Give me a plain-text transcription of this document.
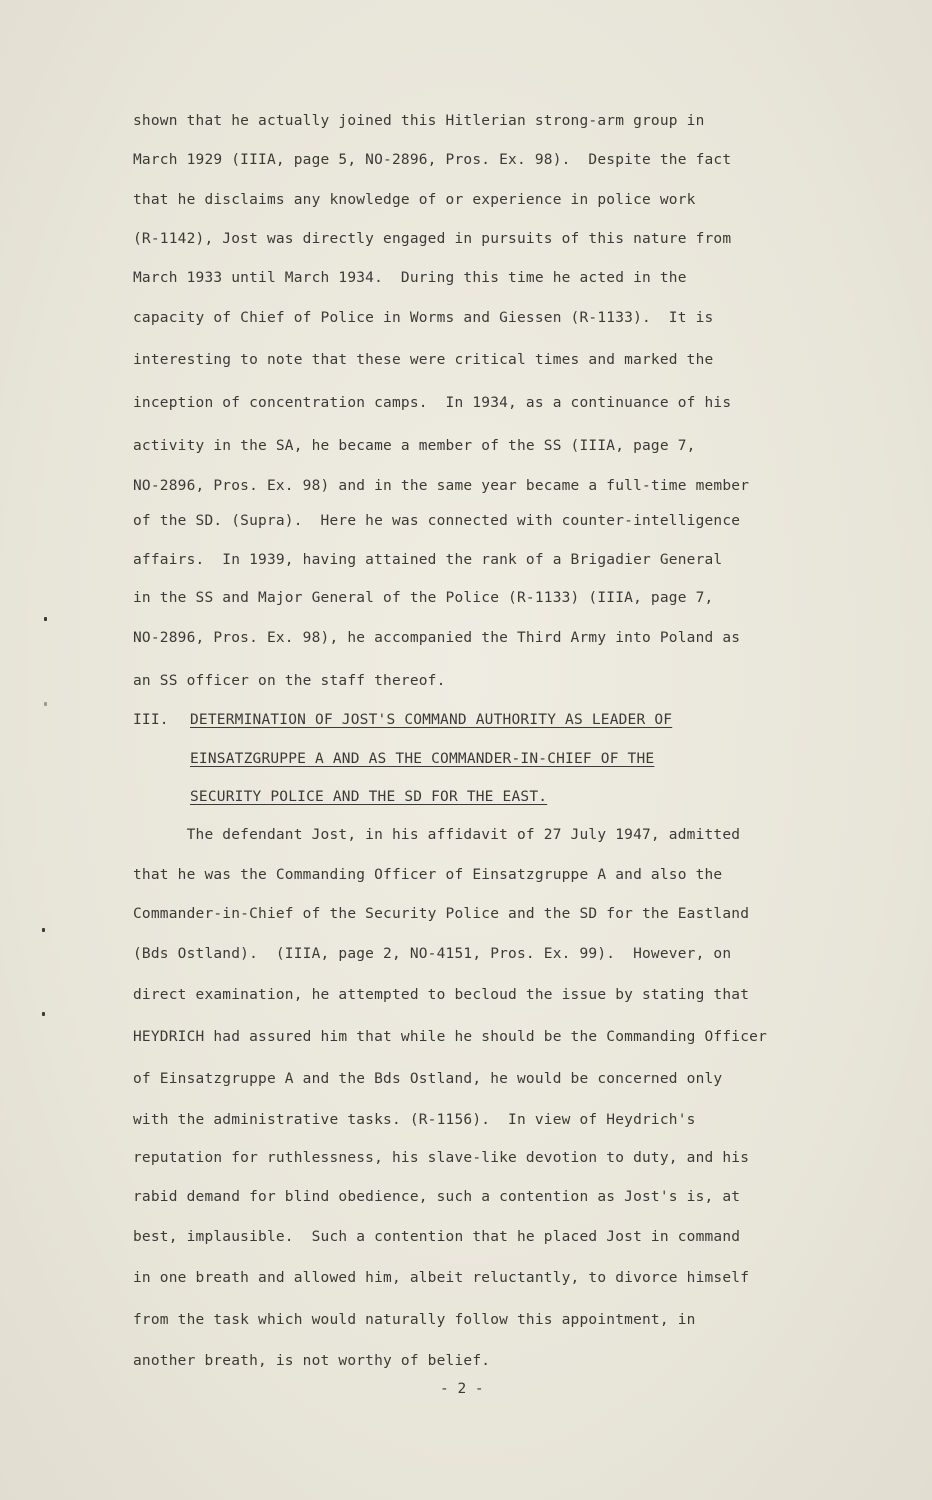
shown that he actually joined this Hitlerian strong-arm group in
March 1929 (IIIA, page 5, NO-2896, Pros. Ex. 98).  Despite the fact
that he disclaims any knowledge of or experience in police work
(R-1142), Jost was directly engaged in pursuits of this nature from
March 1933 until March 1934.  During this time he acted in the
capacity of Chief of Police in Worms and Giessen (R-1133).  It is
interesting to note that these were critical times and marked the
inception of concentration camps.  In 1934, as a continuance of his
activity in the SA, he became a member of the SS (IIIA, page 7,
NO-2896, Pros. Ex. 98) and in the same year became a full-time member
of the SD. (Supra).  Here he was connected with counter-intelligence
affairs.  In 1939, having attained the rank of a Brigadier General
in the SS and Major General of the Police (R-1133) (IIIA, page 7,
NO-2896, Pros. Ex. 98), he accompanied the Third Army into Poland as
an SS officer on the staff thereof.
III. DETERMINATION OF JOST'S COMMAND AUTHORITY AS LEADER OF
EINSATZGRUPPE A AND AS THE COMMANDER-IN-CHIEF OF THE
SECURITY POLICE AND THE SD FOR THE EAST.
The defendant Jost, in his affidavit of 27 July 1947, admitted
that he was the Commanding Officer of Einsatzgruppe A and also the
Commander-in-Chief of the Security Police and the SD for the Eastland
(Bds Ostland).  (IIIA, page 2, NO-4151, Pros. Ex. 99).  However, on
direct examination, he attempted to becloud the issue by stating that
HEYDRICH had assured him that while he should be the Commanding Officer
of Einsatzgruppe A and the Bds Ostland, he would be concerned only
with the administrative tasks. (R-1156).  In view of Heydrich's
reputation for ruthlessness, his slave-like devotion to duty, and his
rabid demand for blind obedience, such a contention as Jost's is, at
best, implausible.  Such a contention that he placed Jost in command
in one breath and allowed him, albeit reluctantly, to divorce himself
from the task which would naturally follow this appointment, in
another breath, is not worthy of belief.
- 2 -
